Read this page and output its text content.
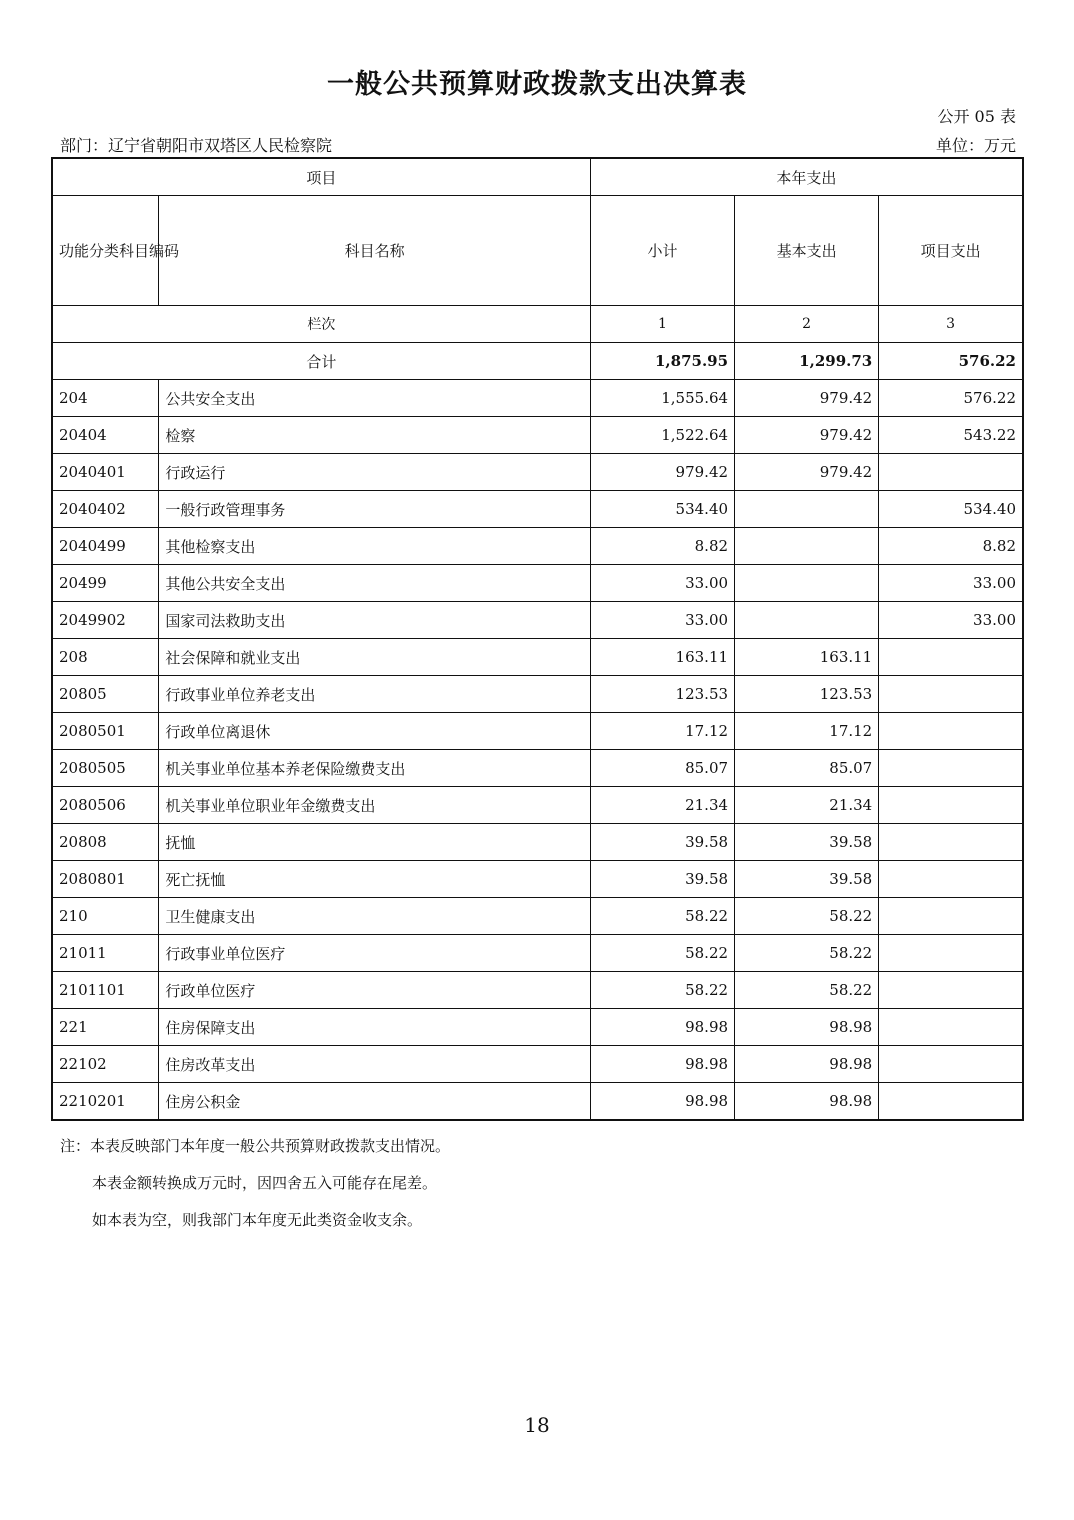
一般公共预算财政拨款支出决算表
公开 05 表
部门：辽宁省朝阳市双塔区人民检察院	单位：万元
项目		本年支出		
功能分类科目编码	科目名称	小计	基本支出	项目支出
栏次		1	2	3
合计		1,875.95	1,299.73	576.22
204	公共安全支出	1,555.64	979.42	576.22
20404	检察	1,522.64	979.42	543.22
2040401	行政运行	979.42	979.42	
2040402	一般行政管理事务	534.40		534.40
2040499	其他检察支出	8.82		8.82
20499	其他公共安全支出	33.00		33.00
2049902	国家司法救助支出	33.00		33.00
208	社会保障和就业支出	163.11	163.11	
20805	行政事业单位养老支出	123.53	123.53	
2080501	行政单位离退休	17.12	17.12	
2080505	机关事业单位基本养老保险缴费支出	85.07	85.07	
2080506	机关事业单位职业年金缴费支出	21.34	21.34	
20808	抚恤	39.58	39.58	
2080801	死亡抚恤	39.58	39.58	
210	卫生健康支出	58.22	58.22	
21011	行政事业单位医疗	58.22	58.22	
2101101	行政单位医疗	58.22	58.22	
221	住房保障支出	98.98	98.98	
22102	住房改革支出	98.98	98.98	
2210201	住房公积金	98.98	98.98	
注：本表反映部门本年度一般公共预算财政拨款支出情况。
本表金额转换成万元时，因四舍五入可能存在尾差。
如本表为空，则我部门本年度无此类资金收支余。
18
